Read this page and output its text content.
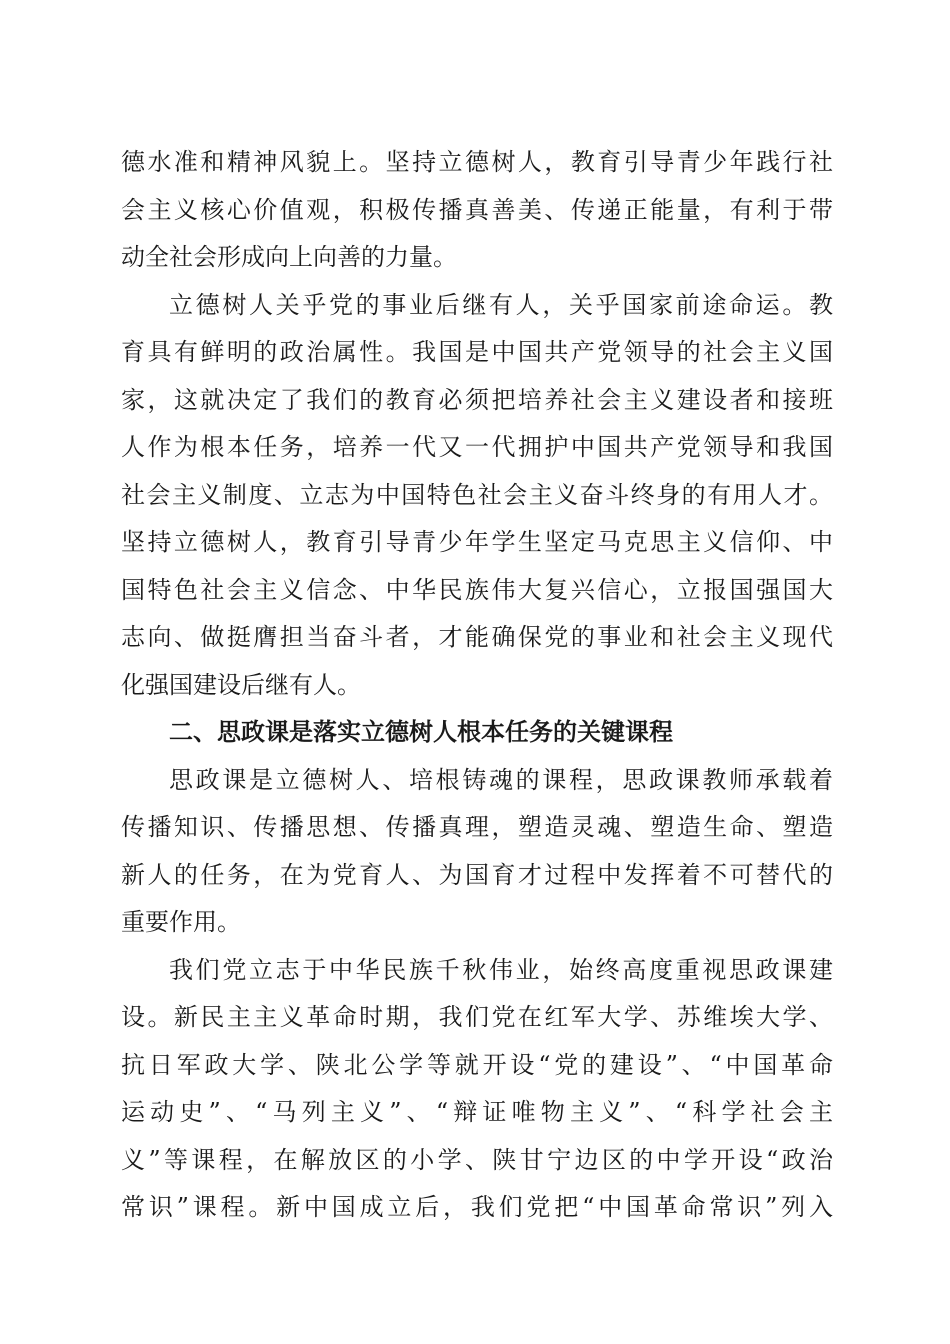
德水准和精神风貌上。坚持立德树人，教育引导青少年践行社
会主义核心价值观，积极传播真善美、传递正能量，有利于带
动全社会形成向上向善的力量。
立德树人关乎党的事业后继有人，关乎国家前途命运。教
育具有鲜明的政治属性。我国是中国共产党领导的社会主义国
家，这就决定了我们的教育必须把培养社会主义建设者和接班
人作为根本任务，培养一代又一代拥护中国共产党领导和我国
社会主义制度、立志为中国特色社会主义奋斗终身的有用人才。
坚持立德树人，教育引导青少年学生坚定马克思主义信仰、中
国特色社会主义信念、中华民族伟大复兴信心，立报国强国大
志向、做挺膺担当奋斗者，才能确保党的事业和社会主义现代
化强国建设后继有人。
二、思政课是落实立德树人根本任务的关键课程
思政课是立德树人、培根铸魂的课程，思政课教师承载着
传播知识、传播思想、传播真理，塑造灵魂、塑造生命、塑造
新人的任务，在为党育人、为国育才过程中发挥着不可替代的
重要作用。
我们党立志于中华民族千秋伟业，始终高度重视思政课建
设。新民主主义革命时期，我们党在红军大学、苏维埃大学、
抗日军政大学、陕北公学等就开设“党的建设”、“中国革命
运动史”、“马列主义”、“辩证唯物主义”、“科学社会主
义”等课程，在解放区的小学、陕甘宁边区的中学开设“政治
常识”课程。新中国成立后，我们党把“中国革命常识”列入
